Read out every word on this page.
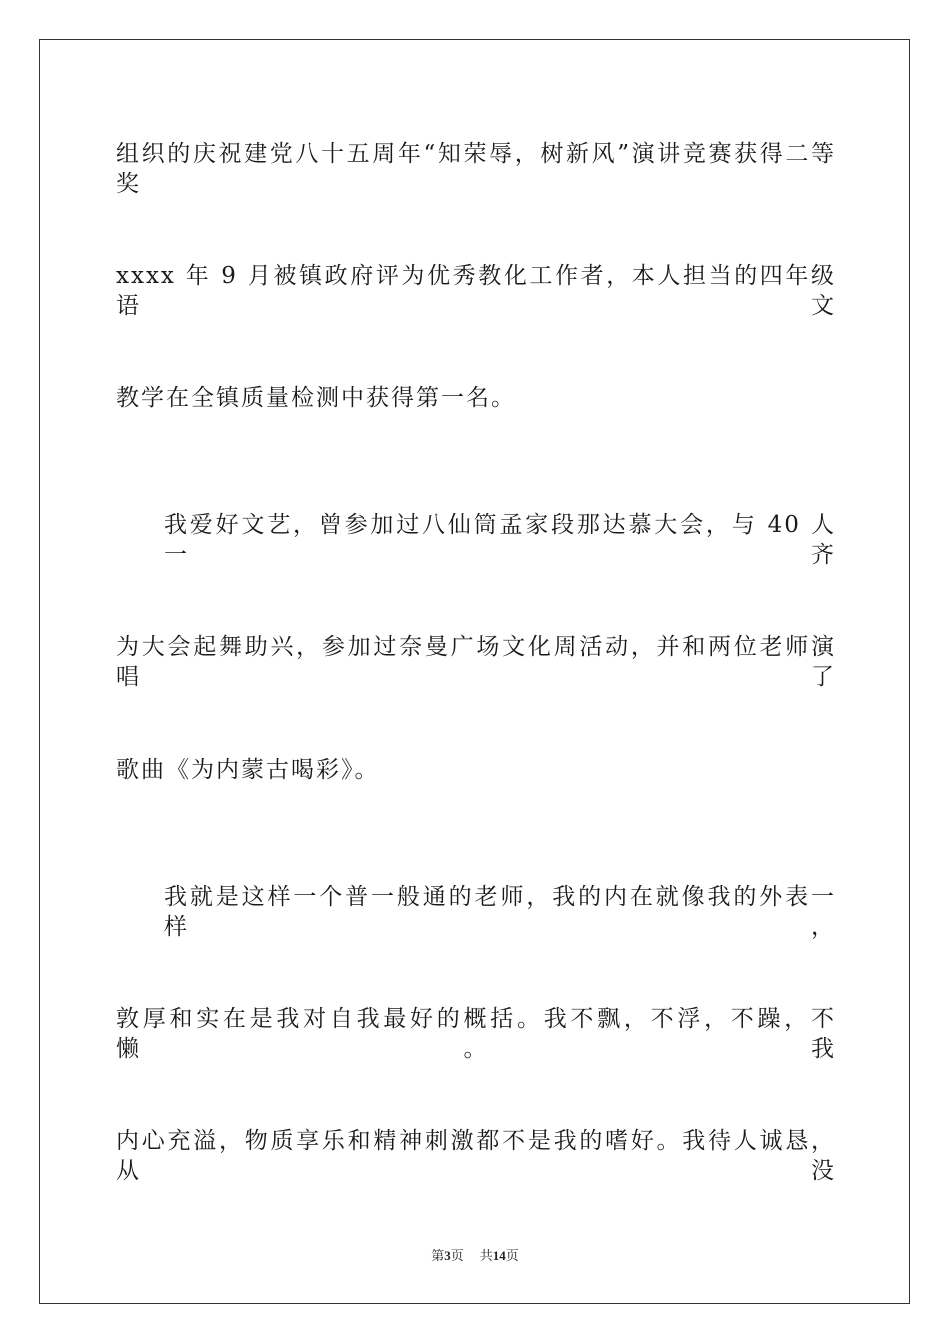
组织的庆祝建党八十五周年“知荣辱，树新风”演讲竞赛获得二等奖
xxxx 年 9 月被镇政府评为优秀教化工作者，本人担当的四年级语文
教学在全镇质量检测中获得第一名。
我爱好文艺，曾参加过八仙筒孟家段那达慕大会，与 40 人一齐
为大会起舞助兴，参加过奈曼广场文化周活动，并和两位老师演唱了
歌曲《为内蒙古喝彩》。
我就是这样一个普一般通的老师，我的内在就像我的外表一样，
敦厚和实在是我对自我最好的概括。我不飘，不浮，不躁，不懒。我
内心充溢，物质享乐和精神刺激都不是我的嗜好。我待人诚恳，从没
第3页 共14页
